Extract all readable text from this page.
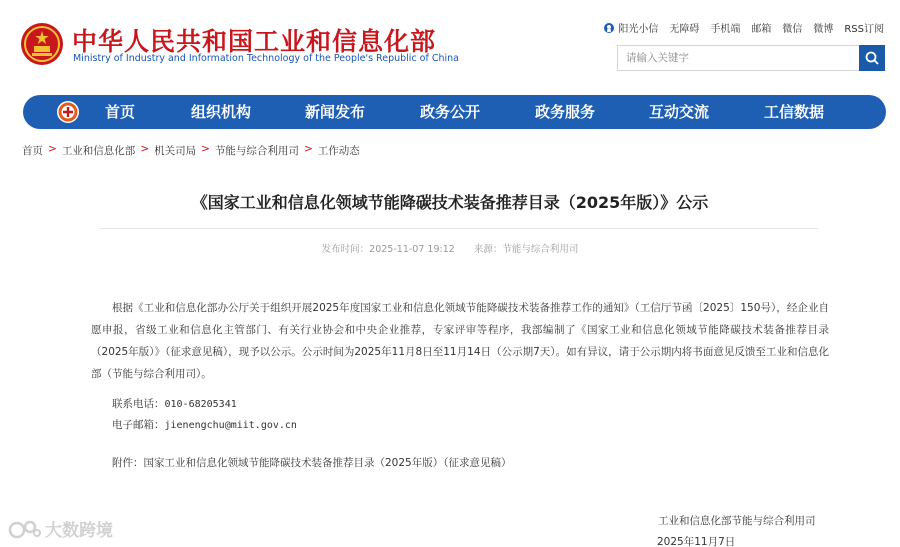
中华人民共和国工业和信息化部
Ministry of Industry and Information Technology of the People's Republic of China
阳光小信 无障碍 手机端 邮箱 微信 微博 RSS订阅
请输入关键字
首页	组织机构	新闻发布	政务公开	政务服务	互动交流	工信数据
首页 > 工业和信息化部 > 机关司局 > 节能与综合利用司 > 工作动态
《国家工业和信息化领域节能降碳技术装备推荐目录（2025年版）》公示
发布时间：2025-11-07 19:12 来源：节能与综合利用司
根据《工业和信息化部办公厅关于组织开展2025年度国家工业和信息化领域节能降碳技术装备推荐工作的通知》（工信厅节函〔2025〕150号），经企业自愿申报，省级工业和信息化主管部门、有关行业协会和中央企业推荐，专家评审等程序，我部编制了《国家工业和信息化领域节能降碳技术装备推荐目录（2025年版）》（征求意见稿），现予以公示。公示时间为2025年11月8日至11月14日（公示期7天）。如有异议，请于公示期内将书面意见反馈至工业和信息化部（节能与综合利用司）。
联系电话：010-68205341
电子邮箱：jienengchu@miit.gov.cn
附件：国家工业和信息化领域节能降碳技术装备推荐目录（2025年版）（征求意见稿）
工业和信息化部节能与综合利用司
2025年11月7日
大数跨境
